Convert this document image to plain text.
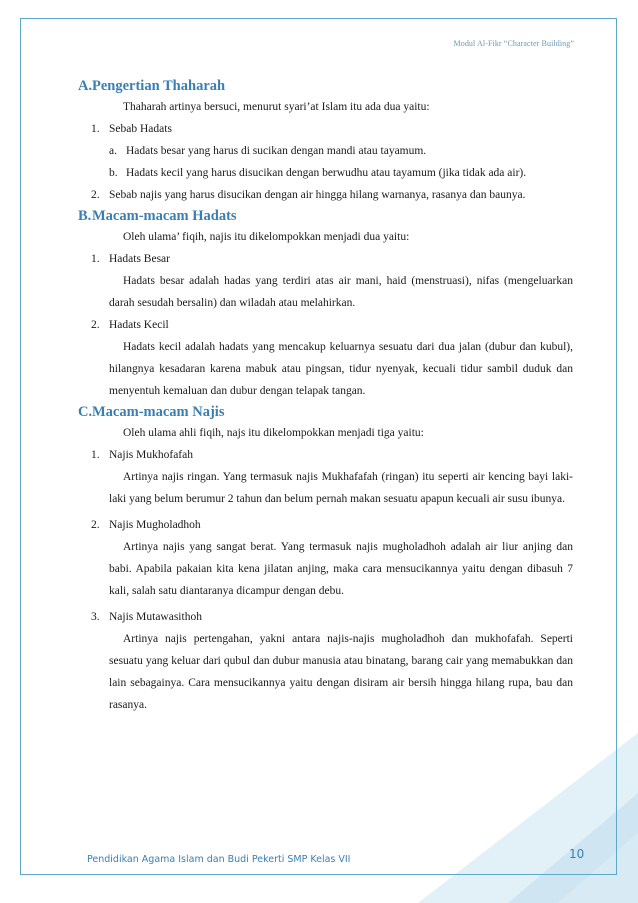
Modul Al-Fikr “Character Building”
A.Pengertian Thaharah

Thaharah artinya bersuci, menurut syari’at Islam itu ada dua yaitu:

1. Sebab Hadats
a. Hadats besar yang harus di sucikan dengan mandi atau tayamum.

b. Hadats kecil yang harus disucikan dengan berwudhu atau tayamum (jika tidak ada air).

2. Sebab najis yang harus disucikan dengan air hingga hilang warnanya, rasanya dan baunya.

B.Macam-macam Hadats

Oleh ulama’ fiqih, najis itu dikelompokkan menjadi dua yaitu:

1. Hadats Besar

Hadats besar adalah hadas yang terdiri atas air mani, haid (menstruasi), nifas (mengeluarkan darah sesudah bersalin) dan wiladah atau melahirkan.

2. Hadats Kecil

Hadats kecil adalah hadats yang mencakup keluarnya sesuatu dari dua jalan (dubur dan kubul), hilangnya kesadaran karena mabuk atau pingsan, tidur nyenyak, kecuali tidur sambil duduk dan menyentuh kemaluan dan dubur dengan telapak tangan.

C.Macam-macam Najis

Oleh ulama ahli fiqih, najs itu dikelompokkan menjadi tiga yaitu:

1. Najis Mukhofafah

Artinya najis ringan. Yang termasuk najis Mukhafafah (ringan) itu seperti air kencing bayi laki-laki yang belum berumur 2 tahun dan belum pernah makan sesuatu apapun kecuali air susu ibunya.

2. Najis Mugholadhoh

Artinya najis yang sangat berat. Yang termasuk najis mugholadhoh adalah air liur anjing dan babi. Apabila pakaian kita kena jilatan anjing, maka cara mensucikannya yaitu dengan dibasuh 7 kali, salah satu diantaranya dicampur dengan debu.

3. Najis Mutawasithoh

Artinya najis pertengahan, yakni antara najis-najis mugholadhoh dan mukhofafah. Seperti sesuatu yang keluar dari qubul dan dubur manusia atau binatang, barang cair yang memabukkan dan lain sebagainya. Cara mensucikannya yaitu dengan disiram air bersih hingga hilang rupa, bau dan rasanya.

Pendidikan Agama Islam dan Budi Pekerti SMP Kelas VII	10
